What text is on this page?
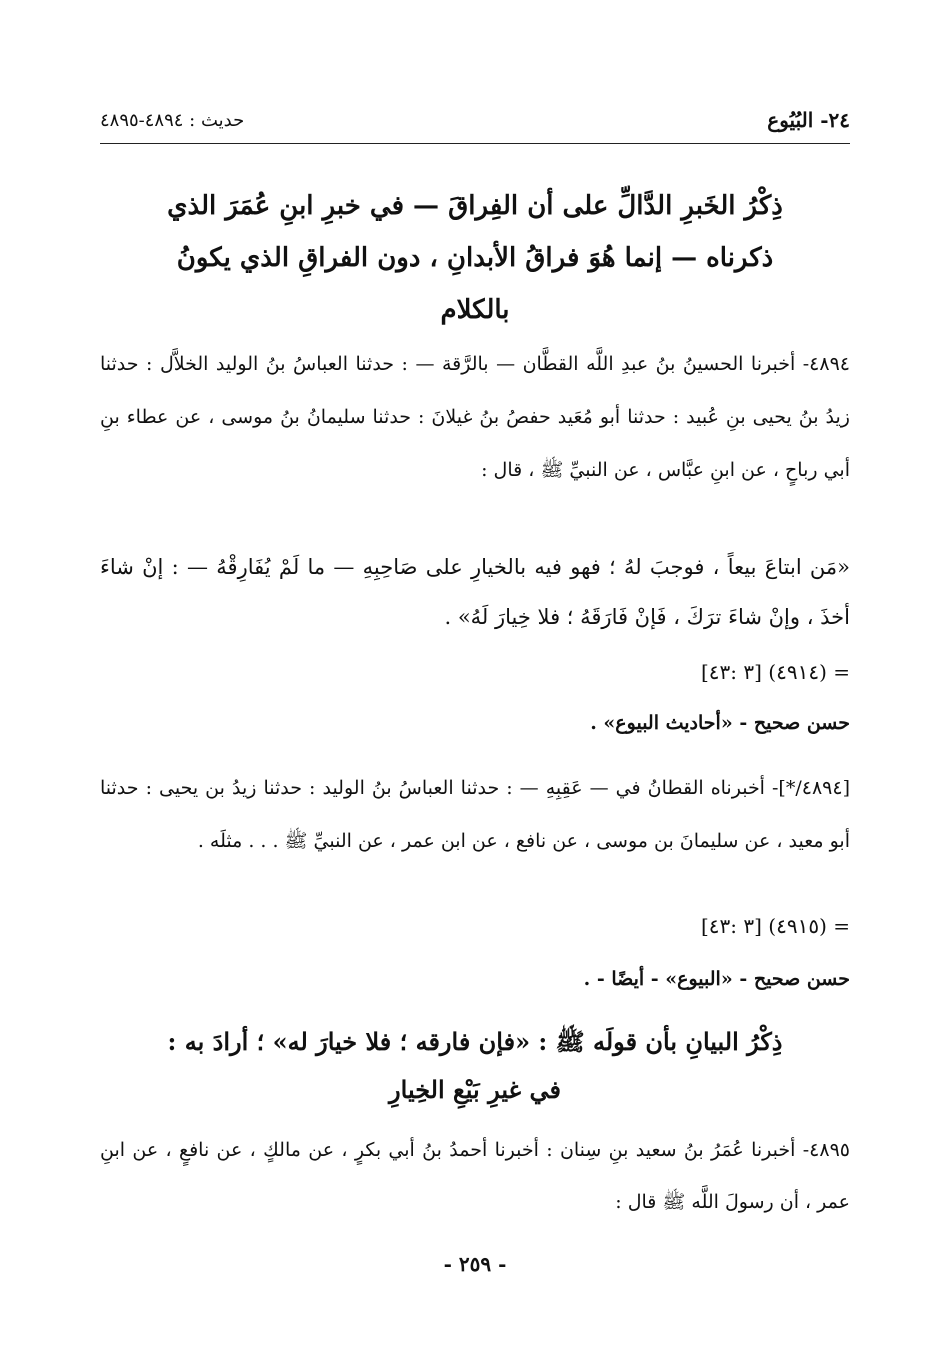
٢٤- البُيُوع
حديث : ٤٨٩٤-٤٨٩٥
ذِكْرُ الخَبرِ الدَّالِّ على أن الفِراقَ — في خبرِ ابنِ عُمَرَ الذي ذكرناه — إنما هُوَ فراقُ الأبدانِ ، دون الفراقِ الذي يكونُ بالكلام
٤٨٩٤- أخبرنا الحسينُ بنُ عبدِ اللَّه القطَّان — بالرَّقة — : حدثنا العباسُ بنُ الوليد الخلاَّل : حدثنا زيدُ بنُ يحيى بنِ عُبيد : حدثنا أبو مُعَيد حفصُ بنُ غيلانَ : حدثنا سليمانُ بنُ موسى ، عن عطاء بنِ أبي رباحٍ ، عن ابنِ عبَّاس ، عن النبيِّ ﷺ ، قال :
«مَن ابتاعَ بيعاً ، فوجبَ لهُ ؛ فهو فيه بالخيارِ على صَاحِبِهِ — ما لَمْ يُفَارِقْهُ — : إنْ شاءَ أخذَ ، وإنْ شاءَ ترَكَ ، فَإنْ فَارَقَهُ ؛ فلا خِيارَ لَهُ» .
= (٤٩١٤) [٣ :٤٣]
حسن صحيح - «أحاديث البيوع» .
[٤٨٩٤/*]- أخبرناه القطانُ في — عَقِبِهِ — : حدثنا العباسُ بنُ الوليد : حدثنا زيدُ بن يحيى : حدثنا أبو معيد ، عن سليمانَ بن موسى ، عن نافع ، عن ابن عمر ، عن النبيِّ ﷺ . . . مثلَه .
= (٤٩١٥) [٣ :٤٣]
حسن صحيح - «البيوع» - أيضًا - .
ذِكْرُ البيانِ بأن قولَه ﷺ : «فإن فارقه ؛ فلا خيارَ له» ؛ أرادَ به : في غيرِ بَيْعِ الخِيارِ
٤٨٩٥- أخبرنا عُمَرُ بنُ سعيد بنِ سِنان : أخبرنا أحمدُ بنُ أبي بكرٍ ، عن مالكٍ ، عن نافعٍ ، عن ابنِ عمر ، أن رسولَ اللَّه ﷺ قال :
- ٢٥٩ -
